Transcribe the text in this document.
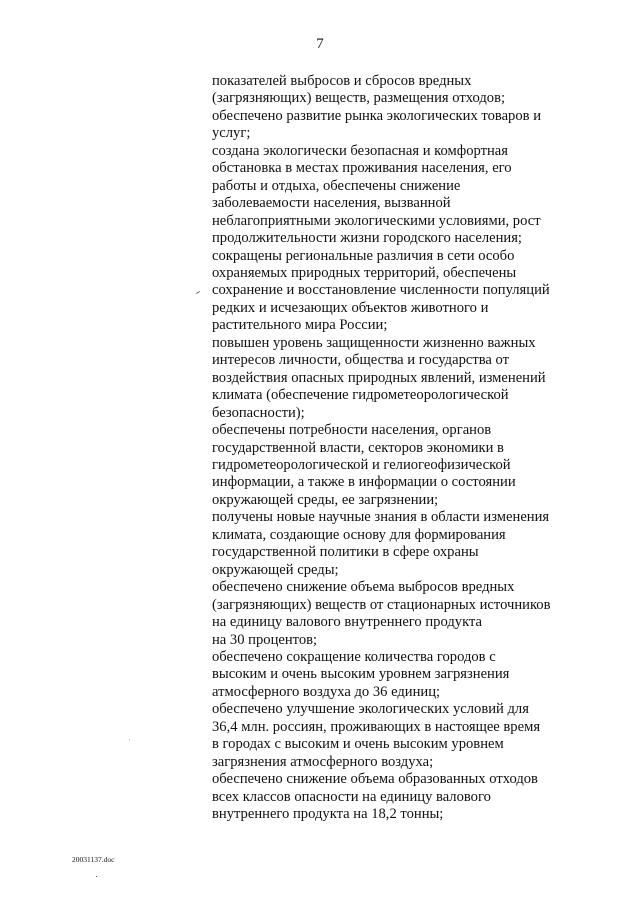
7
показателей выбросов и сбросов вредных
(загрязняющих) веществ, размещения отходов;
обеспечено развитие рынка экологических товаров и
услуг;
создана экологически безопасная и комфортная
обстановка в местах проживания населения, его
работы и отдыха, обеспечены снижение
заболеваемости населения, вызванной
неблагоприятными экологическими условиями, рост
продолжительности жизни городского населения;
сокращены региональные различия в сети особо
охраняемых природных территорий, обеспечены
сохранение и восстановление численности популяций
редких и исчезающих объектов животного и
растительного мира России;
повышен уровень защищенности жизненно важных
интересов личности, общества и государства от
воздействия опасных природных явлений, изменений
климата (обеспечение гидрометеорологической
безопасности);
обеспечены потребности населения, органов
государственной власти, секторов экономики в
гидрометеорологической и гелиогеофизической
информации, а также в информации о состоянии
окружающей среды, ее загрязнении;
получены новые научные знания в области изменения
климата, создающие основу для формирования
государственной политики в сфере охраны
окружающей среды;
обеспечено снижение объема выбросов вредных
(загрязняющих) веществ от стационарных источников
на единицу валового внутреннего продукта
на 30 процентов;
обеспечено сокращение количества городов с
высоким и очень высоким уровнем загрязнения
атмосферного воздуха до 36 единиц;
обеспечено улучшение экологических условий для
36,4 млн. россиян, проживающих в настоящее время
в городах с высоким и очень высоким уровнем
загрязнения атмосферного воздуха;
обеспечено снижение объема образованных отходов
всех классов опасности на единицу валового
внутреннего продукта на 18,2 тонны;
20031137.doc
